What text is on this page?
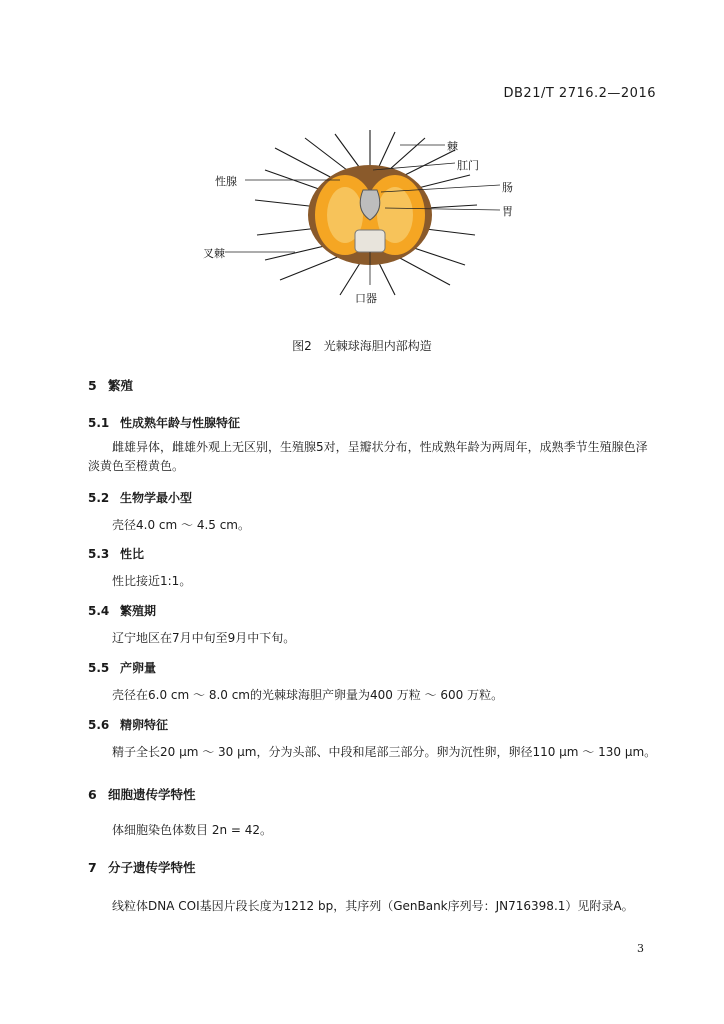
DB21/T 2716.2—2016
棘
肛门
性腺	肠
胃
叉棘
口器
图2　光棘球海胆内部构造
5 繁殖
5.1 性成熟年龄与性腺特征
雌雄异体，雌雄外观上无区别，生殖腺5对，呈瓣状分布，性成熟年龄为两周年，成熟季节生殖腺色泽淡黄色至橙黄色。
5.2 生物学最小型
壳径4.0 cm ～ 4.5 cm。
5.3 性比
性比接近1:1。
5.4 繁殖期
辽宁地区在7月中旬至9月中下旬。
5.5 产卵量
壳径在6.0 cm ～ 8.0 cm的光棘球海胆产卵量为400 万粒 ～ 600 万粒。
5.6 精卵特征
精子全长20 μm ～ 30 μm，分为头部、中段和尾部三部分。卵为沉性卵，卵径110 μm ～ 130 μm。
6 细胞遗传学特性
体细胞染色体数目 2n = 42。
7 分子遗传学特性
线粒体DNA COⅠ基因片段长度为1212 bp，其序列（GenBank序列号：JN716398.1）见附录A。
3
